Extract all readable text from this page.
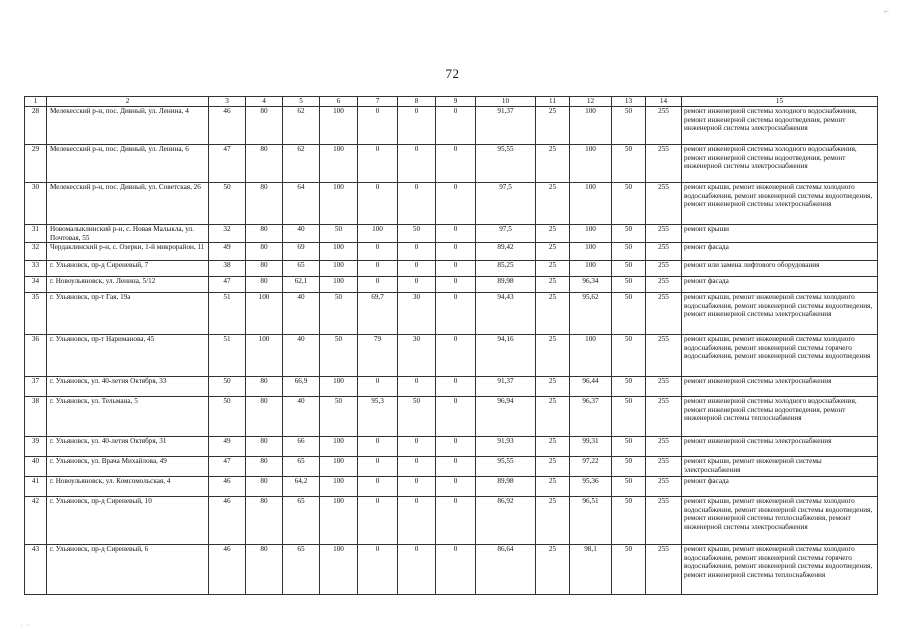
⌐
72
1	2	3	4	5	6	7	8	9	10	11	12	13	14	15
28	Мелекесский р-н, пос. Дивный, ул. Ленина, 4	46	80	62	100	0	0	0	91,37	25	100	50	255	ремонт инженерной системы холодного водоснабжения, ремонт инженерной системы водоотведения, ремонт инженерной системы электроснабжения
29	Мелекесский р-н, пос. Дивный, ул. Ленина, 6	47	80	62	100	0	0	0	95,55	25	100	50	255	ремонт инженерной системы холодного водоснабжения, ремонт инженерной системы водоотведения, ремонт инженерной системы электроснабжения
30	Мелекесский р-н, пос. Дивный, ул. Советская, 26	50	80	64	100	0	0	0	97,5	25	100	50	255	ремонт крыши, ремонт инженерной системы холодного водоснабжения, ремонт инженерной системы водоотведения, ремонт инженерной системы электроснабжения
31	Новомалыклинский р-н, с. Новая Малыкла, ул. Почтовая, 55	32	80	40	50	100	50	0	97,5	25	100	50	255	ремонт крыши
32	Чердаклинский р-н, с. Озерки, 1-й микрорайон, 11	49	80	69	100	0	0	0	89,42	25	100	50	255	ремонт фасада
33	г. Ульяновск, пр-д Сиреневый, 7	38	80	65	100	0	0	0	85,25	25	100	50	255	ремонт или замена лифтового оборудования
34	г. Новоульяновск, ул. Ленина, 5/12	47	80	62,1	100	0	0	0	89,98	25	96,34	50	255	ремонт фасада
35	г. Ульяновск, пр-т Гая, 19а	51	100	40	50	69,7	30	0	94,43	25	95,62	50	255	ремонт крыши, ремонт инженерной системы холодного водоснабжения, ремонт инженерной системы водоотведения, ремонт инженерной системы электроснабжения
36	г. Ульяновск, пр-т Нариманова, 45	51	100	40	50	79	30	0	94,16	25	100	50	255	ремонт крыши, ремонт инженерной системы холодного водоснабжения, ремонт инженерной системы горячего водоснабжения, ремонт инженерной системы водоотведения
37	г. Ульяновск, ул. 40-летия Октября, 33	50	80	66,9	100	0	0	0	91,37	25	96,44	50	255	ремонт инженерной системы электроснабжения
38	г. Ульяновск, ул. Тельмана, 5	50	80	40	50	95,3	50	0	96,94	25	96,37	50	255	ремонт инженерной системы холодного водоснабжения, ремонт инженерной системы водоотведения, ремонт инженерной системы теплоснабжения
39	г. Ульяновск, ул. 40-летия Октября, 31	49	80	66	100	0	0	0	91,93	25	99,31	50	255	ремонт инженерной системы электроснабжения
40	г. Ульяновск, ул. Врача Михайлова, 49	47	80	65	100	0	0	0	95,55	25	97,22	50	255	ремонт крыши, ремонт инженерной системы электроснабжения
41	г. Новоульяновск, ул. Комсомольская, 4	46	80	64,2	100	0	0	0	89,98	25	95,36	50	255	ремонт фасада
42	г. Ульяновск, пр-д Сиреневый, 10	46	80	65	100	0	0	0	86,92	25	96,51	50	255	ремонт крыши, ремонт инженерной системы холодного водоснабжения, ремонт инженерной системы водоотведения, ремонт инженерной системы теплоснабжения, ремонт инженерной системы электроснабжения
43	г. Ульяновск, пр-д Сиреневый, 6	46	80	65	100	0	0	0	86,64	25	98,1	50	255	ремонт крыши, ремонт инженерной системы холодного водоснабжения, ремонт инженерной системы горячего водоснабжения, ремонт инженерной системы водоотведения, ремонт инженерной системы теплоснабжения
· ··
